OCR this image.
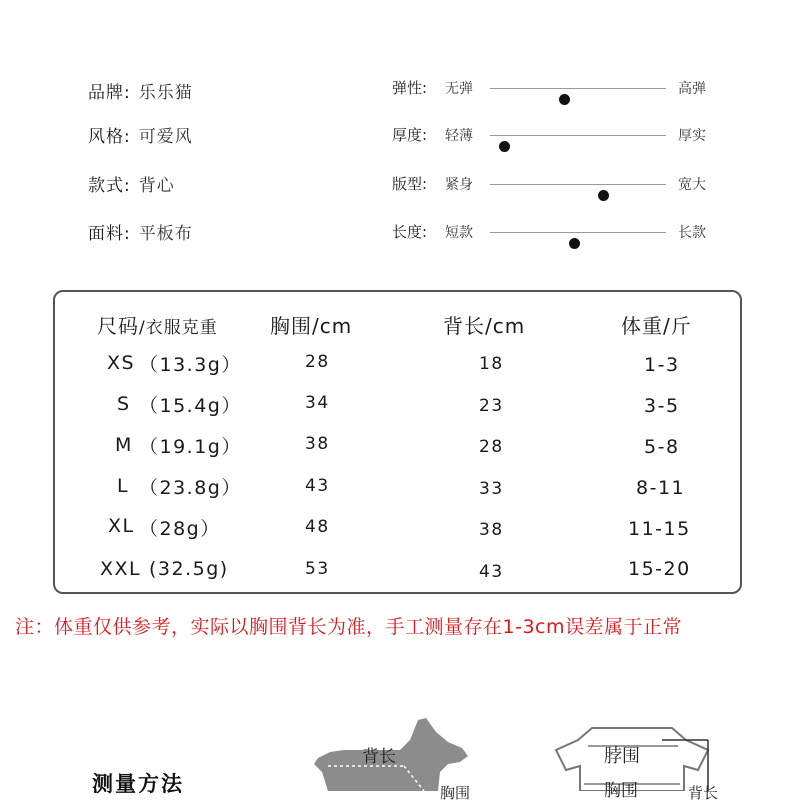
品牌: 乐乐猫
风格: 可爱风
款式: 背心
面料: 平板布
弹性: 无弹	高弹
厚度: 轻薄	厚实
版型: 紧身	宽大
长度: 短款	长款
尺码/衣服克重	胸围/cm	背长/cm	体重/斤
XS （13.3g）	28	18	1-3
S （15.4g）	34	23	3-5
M （19.1g）	38	28	5-8
L （23.8g）	43	33	8-11
XL （28g）	48	38	11-15
XXL (32.5g)	53	43	15-20
注：体重仅供参考，实际以胸围背长为准，手工测量存在1-3cm误差属于正常
测量方法
背长
胸围
脖围
胸围	背长
